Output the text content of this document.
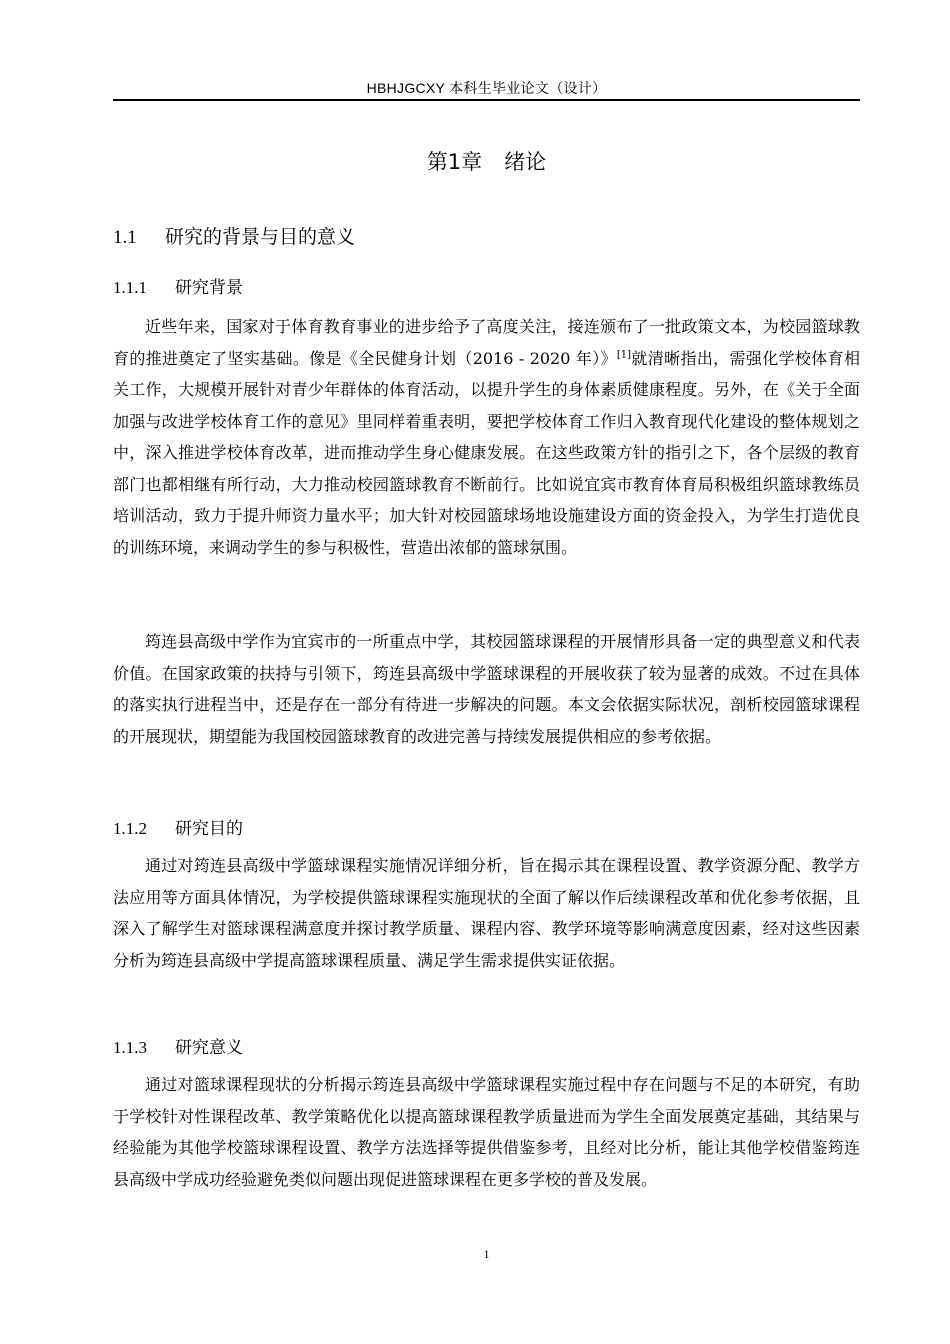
HBHJGCXY 本科生毕业论文（设计）
第1章 绪论
1.1 研究的背景与目的意义
1.1.1 研究背景

近些年来，国家对于体育教育事业的进步给予了高度关注，接连颁布了一批政策文本，为校园篮球教育的推进奠定了坚实基础。像是《全民健身计划（2016 - 2020 年）》[1]就清晰指出，需强化学校体育相关工作，大规模开展针对青少年群体的体育活动，以提升学生的身体素质健康程度。另外，在《关于全面加强与改进学校体育工作的意见》里同样着重表明，要把学校体育工作归入教育现代化建设的整体规划之中，深入推进学校体育改革，进而推动学生身心健康发展。在这些政策方针的指引之下，各个层级的教育部门也都相继有所行动，大力推动校园篮球教育不断前行。比如说宜宾市教育体育局积极组织篮球教练员培训活动，致力于提升师资力量水平；加大针对校园篮球场地设施建设方面的资金投入，为学生打造优良的训练环境，来调动学生的参与积极性，营造出浓郁的篮球氛围。

筠连县高级中学作为宜宾市的一所重点中学，其校园篮球课程的开展情形具备一定的典型意义和代表价值。在国家政策的扶持与引领下，筠连县高级中学篮球课程的开展收获了较为显著的成效。不过在具体的落实执行进程当中，还是存在一部分有待进一步解决的问题。本文会依据实际状况，剖析校园篮球课程的开展现状，期望能为我国校园篮球教育的改进完善与持续发展提供相应的参考依据。

1.1.2 研究目的

通过对筠连县高级中学篮球课程实施情况详细分析，旨在揭示其在课程设置、教学资源分配、教学方法应用等方面具体情况，为学校提供篮球课程实施现状的全面了解以作后续课程改革和优化参考依据，且深入了解学生对篮球课程满意度并探讨教学质量、课程内容、教学环境等影响满意度因素，经对这些因素分析为筠连县高级中学提高篮球课程质量、满足学生需求提供实证依据。

1.1.3 研究意义

通过对篮球课程现状的分析揭示筠连县高级中学篮球课程实施过程中存在问题与不足的本研究，有助于学校针对性课程改革、教学策略优化以提高篮球课程教学质量进而为学生全面发展奠定基础，其结果与经验能为其他学校篮球课程设置、教学方法选择等提供借鉴参考，且经对比分析，能让其他学校借鉴筠连县高级中学成功经验避免类似问题出现促进篮球课程在更多学校的普及发展。

1
